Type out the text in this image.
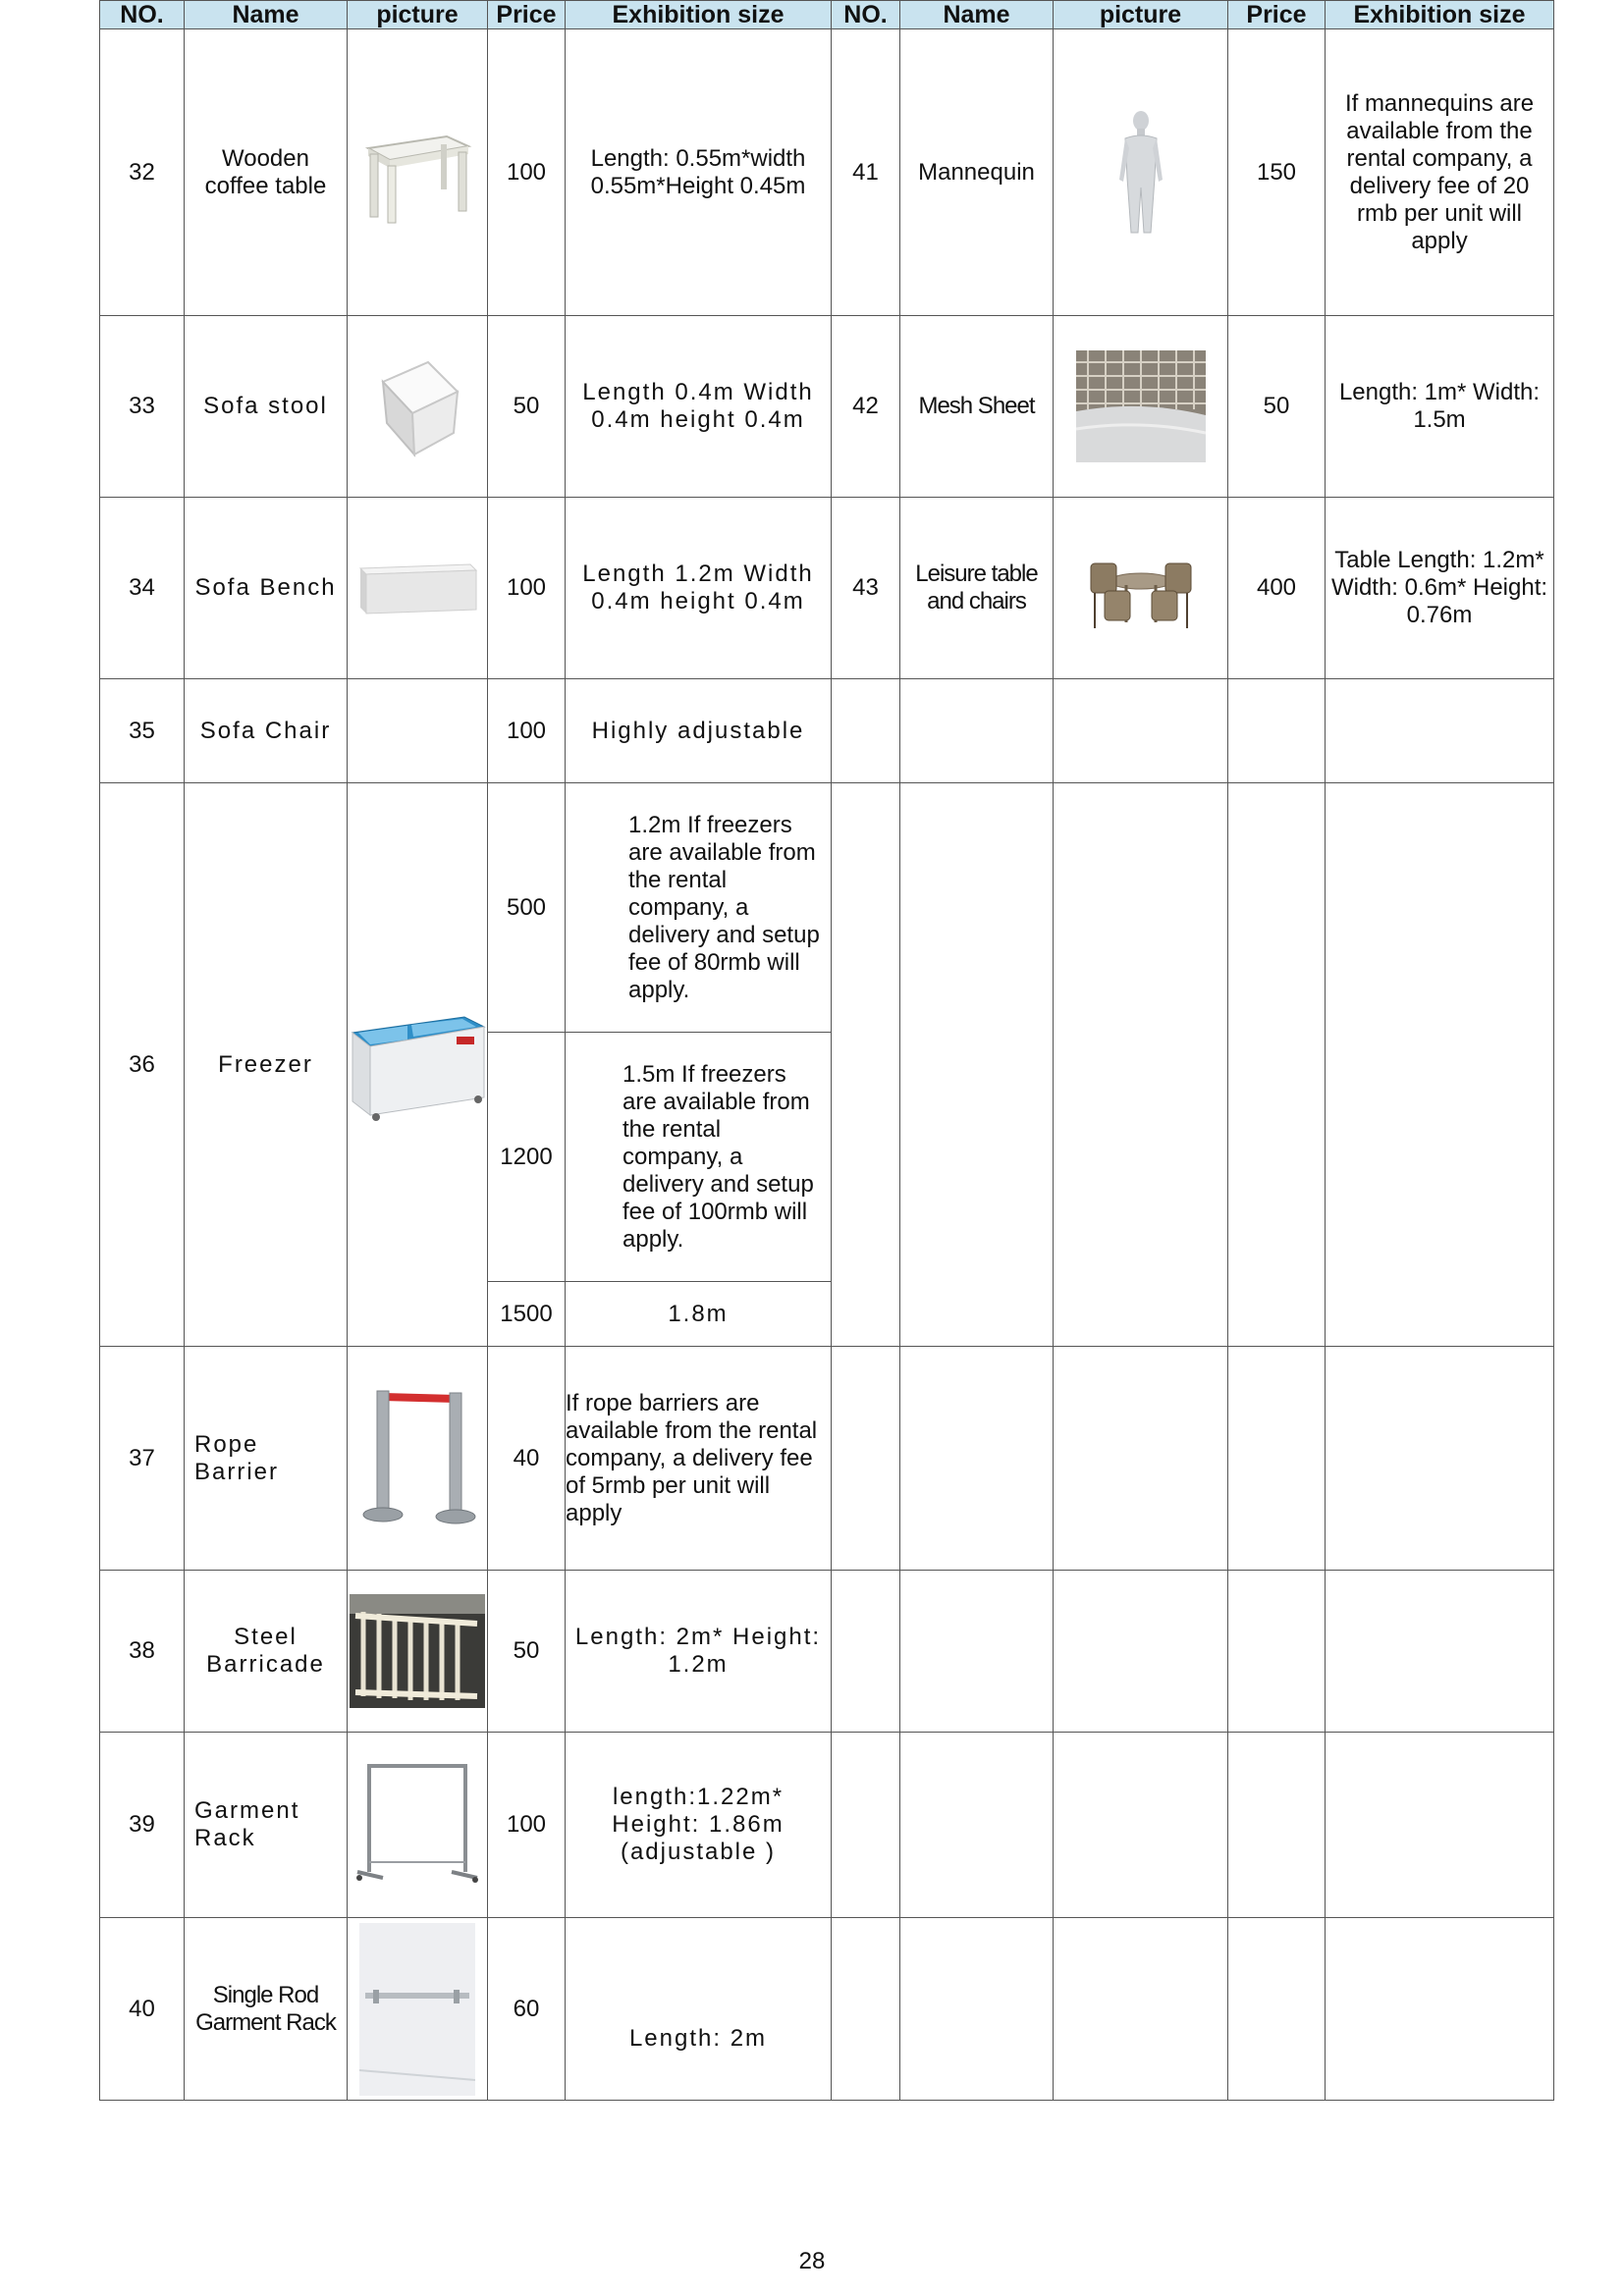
NO.	Name	picture	Price	Exhibition size	NO.	Name	picture	Price	Exhibition size
32	Wooden coffee table		100	Length: 0.55m*width 0.55m*Height 0.45m	41	Mannequin		150	If mannequins are available from the rental company, a delivery fee of 20 rmb per unit will apply
33	Sofa stool		50	Length 0.4m Width 0.4m height 0.4m	42	Mesh Sheet		50	Length: 1m* Width: 1.5m
34	Sofa Bench		100	Length 1.2m Width 0.4m height 0.4m	43	Leisure table and chairs		400	Table Length: 1.2m* Width: 0.6m* Height: 0.76m
35	Sofa Chair		100	Highly adjustable					
36	Freezer		500	1.2m If freezers are available from the rental company, a delivery and setup fee of 80rmb will apply.					
			1200	1.5m If freezers are available from the rental company, a delivery and setup fee of 100rmb will apply.					
			1500	1.8m					
37	Rope Barrier		40	If rope barriers are available from the rental company, a delivery fee of 5rmb per unit will apply					
38	Steel Barricade		50	Length: 2m* Height: 1.2m					
39	Garment Rack		100	length:1.22m* Height: 1.86m (adjustable )					
40	Single Rod Garment Rack		60	Length: 2m					
28
